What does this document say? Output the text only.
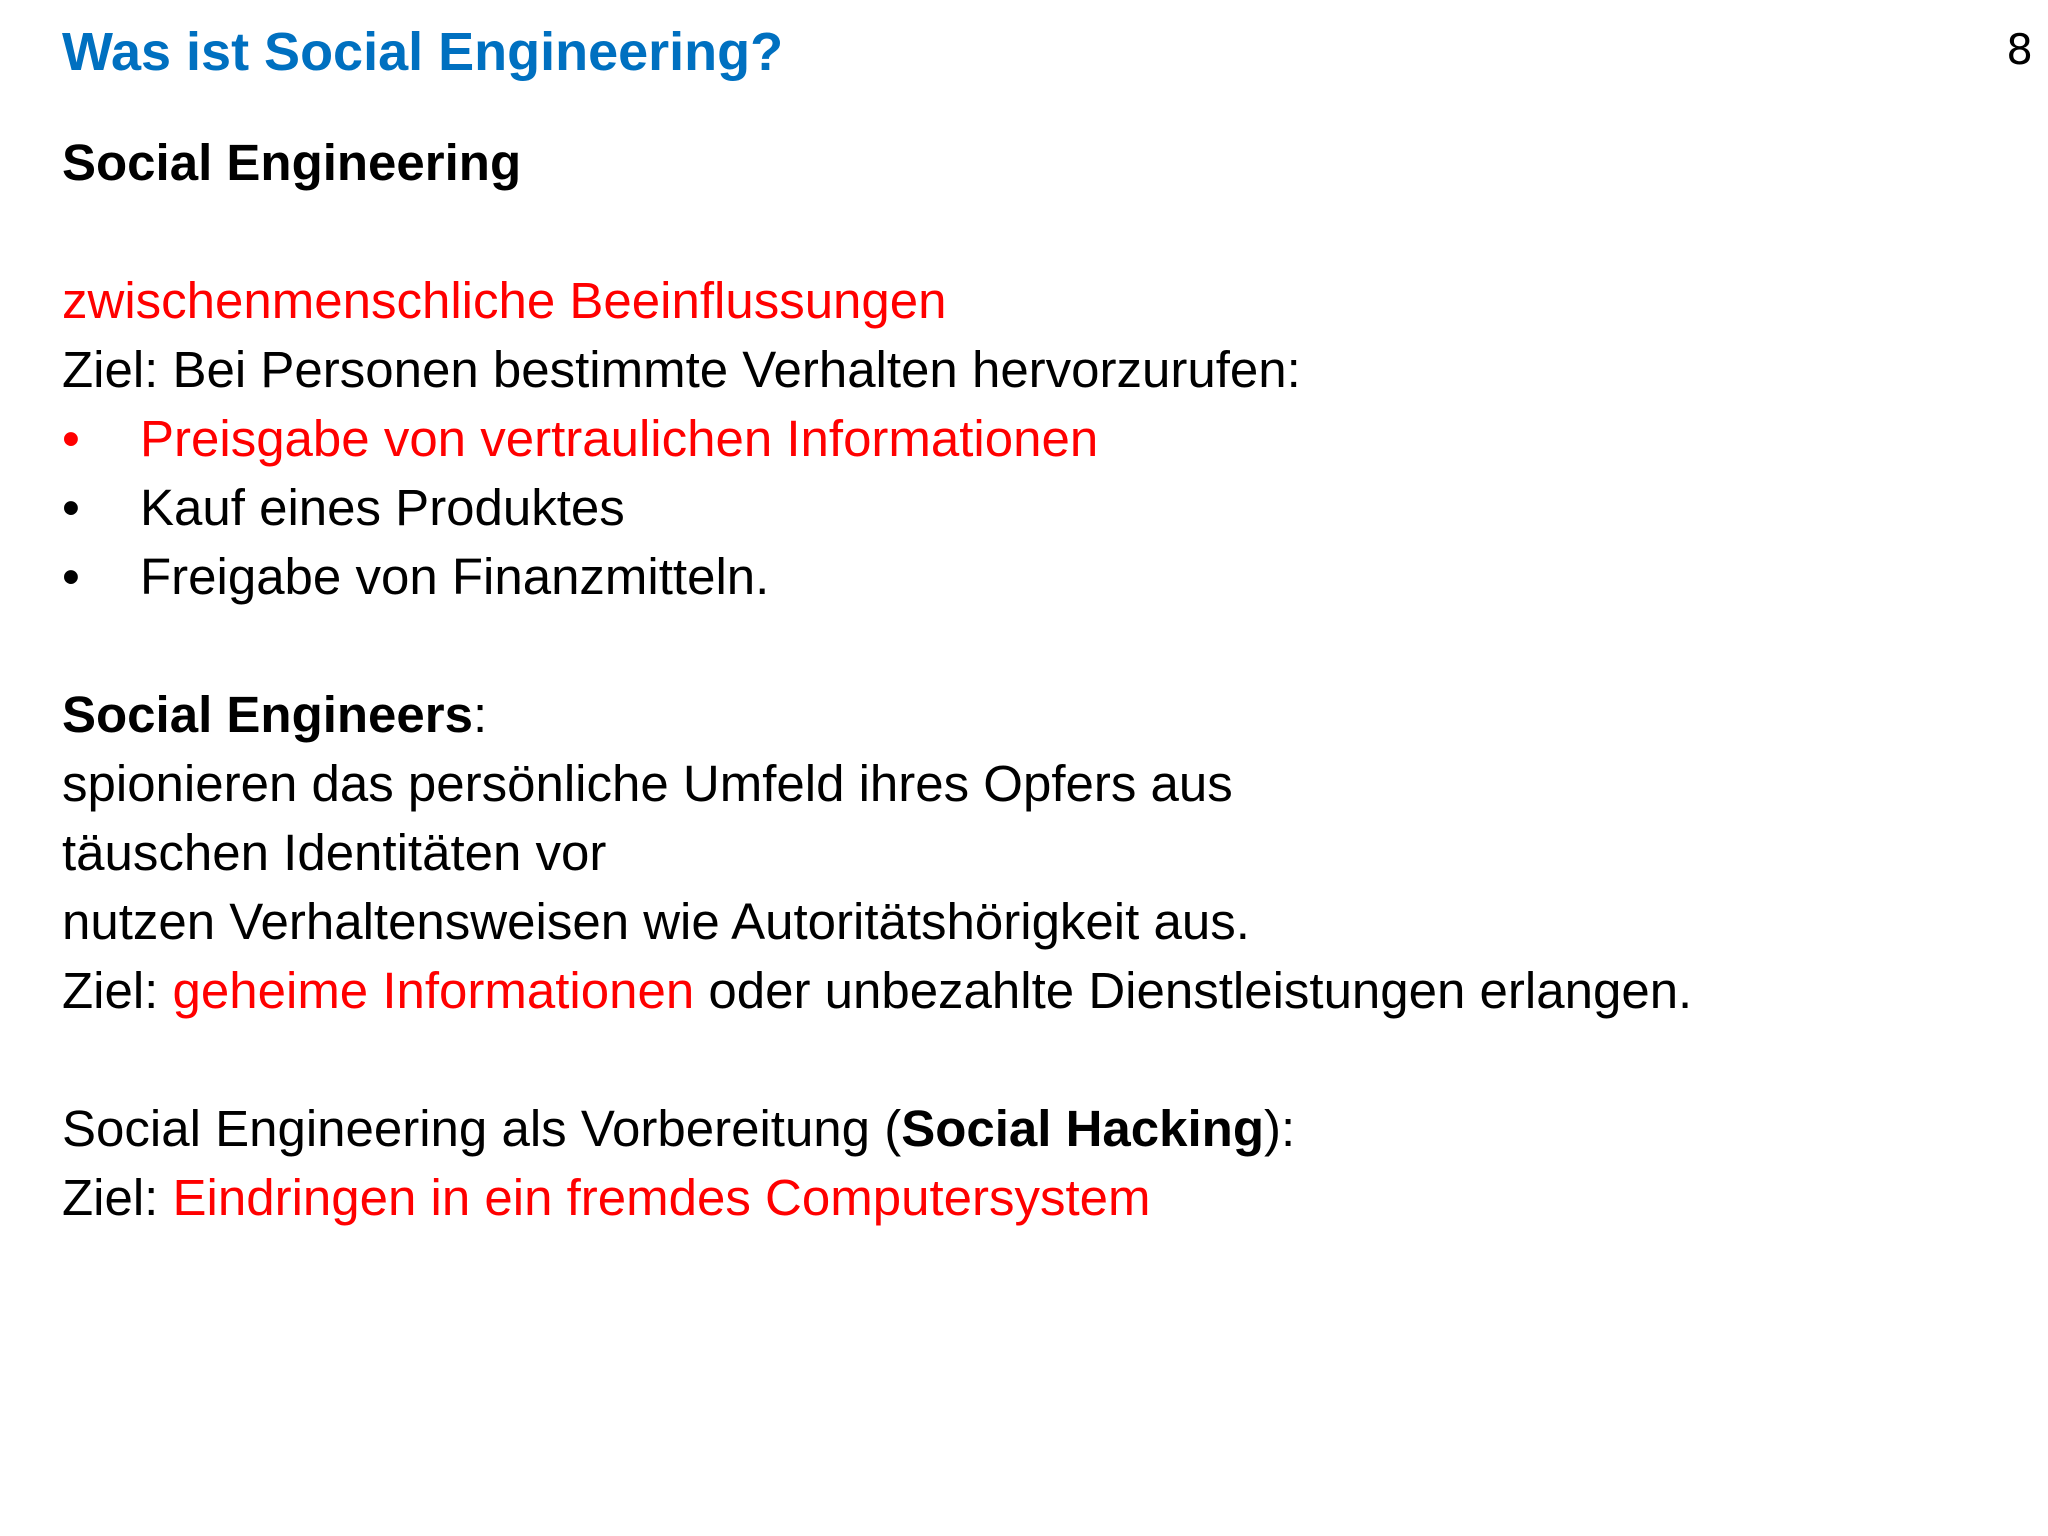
Was ist Social Engineering?	8
Social Engineering
zwischenmenschliche Beeinflussungen
Ziel: Bei Personen bestimmte Verhalten hervorzurufen:
• Preisgabe von vertraulichen Informationen
• Kauf eines Produktes
• Freigabe von Finanzmitteln.
Social Engineers:
spionieren das persönliche Umfeld ihres Opfers aus
täuschen Identitäten vor
nutzen Verhaltensweisen wie Autoritätshörigkeit aus.
Ziel: geheime Informationen oder unbezahlte Dienstleistungen erlangen.
Social Engineering als Vorbereitung (Social Hacking):
Ziel: Eindringen in ein fremdes Computersystem
